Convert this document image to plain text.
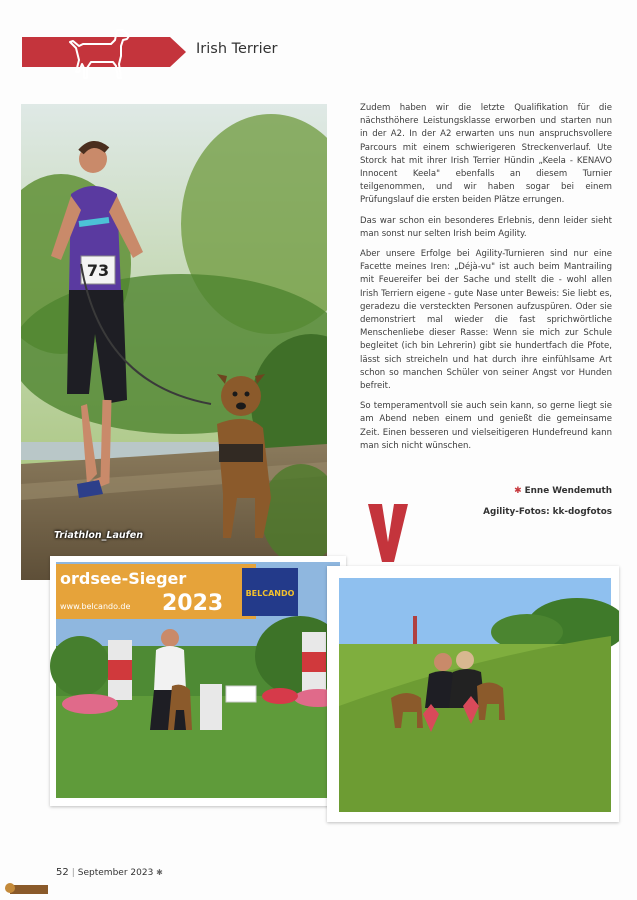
Irish Terrier
73
Triathlon_Laufen

Zudem haben wir die letzte Qualifikation für die nächsthöhere Leistungsklasse erworben und starten nun in der A2. In der A2 erwarten uns nun anspruchsvollere Parcours mit einem schwierigeren Streckenverlauf. Ute Storck hat mit ihrer Irish Terrier Hündin „Keela - KENAVO Innocent Keela" ebenfalls an diesem Turnier teilgenommen, und wir haben sogar bei einem Prüfungslauf die ersten beiden Plätze errungen.

Das war schon ein besonderes Erlebnis, denn leider sieht man sonst nur selten Irish beim Agility.

Aber unsere Erfolge bei Agility-Turnieren sind nur eine Facette meines Iren: „Déjà-vu" ist auch beim Mantrailing mit Feuereifer bei der Sache und stellt die - wohl allen Irish Terriern eigene - gute Nase unter Beweis: Sie liebt es, geradezu die versteckten Personen aufzuspüren. Oder sie demonstriert mal wieder die fast sprichwörtliche Menschenliebe dieser Rasse: Wenn sie mich zur Schule begleitet (ich bin Lehrerin) gibt sie hundertfach die Pfote, lässt sich streicheln und hat durch ihre einfühlsame Art schon so manchen Schüler von seiner Angst vor Hunden befreit.

So temperamentvoll sie auch sein kann, so gerne liegt sie am Abend neben einem und genießt die gemeinsame Zeit. Einen besseren und vielseitigeren Hundefreund kann man sich nicht wünschen.

✱ Enne Wendemuth
Agility-Fotos: kk-dogfotos
ordsee-Sieger
2023
www.belcando.de
BELCANDO
52 | September 2023 ✱
